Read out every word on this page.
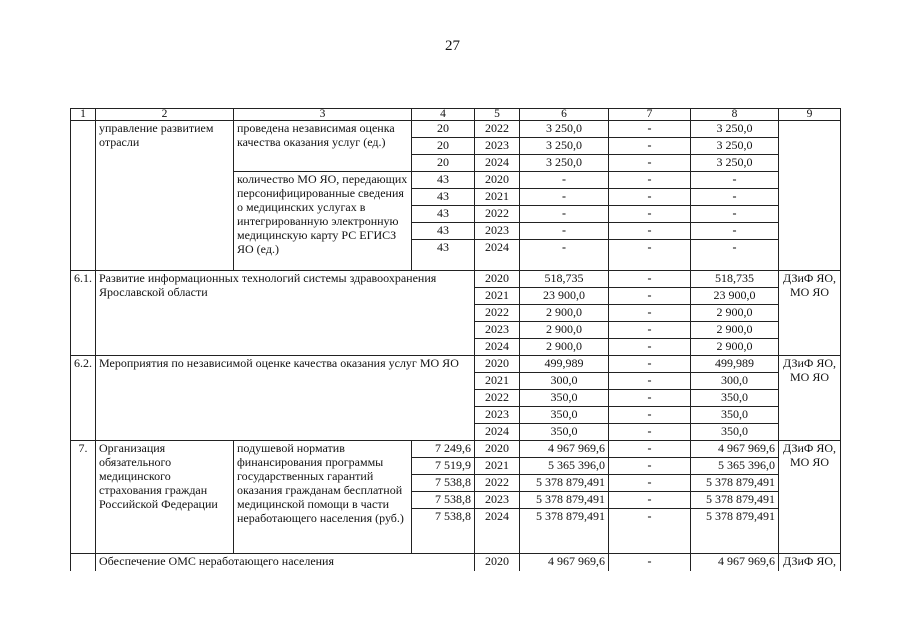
27
1	2	3	4	5	6	7	8	9
	управление развитием отрасли	проведена независимая оценка качества оказания услуг (ед.)	20	2022	3 250,0	-	3 250,0	
			20	2023	3 250,0	-	3 250,0	
			20	2024	3 250,0	-	3 250,0	
		количество МО ЯО, передающих персонифицированные сведения о медицинских услугах в интегрированную электронную медицинскую карту РС ЕГИСЗ ЯО (ед.)	43	2020	-	-	-	
			43	2021	-	-	-	
			43	2022	-	-	-	
			43	2023	-	-	-	
			43	2024	-	-	-	
6.1.	Развитие информационных технологий системы здравоохранения Ярославской области			2020	518,735	-	518,735	ДЗиФ ЯО, МО ЯО
				2021	23 900,0	-	23 900,0	
				2022	2 900,0	-	2 900,0	
				2023	2 900,0	-	2 900,0	
				2024	2 900,0	-	2 900,0	
6.2.	Мероприятия по независимой оценке качества оказания услуг МО ЯО			2020	499,989	-	499,989	ДЗиФ ЯО, МО ЯО
				2021	300,0	-	300,0	
				2022	350,0	-	350,0	
				2023	350,0	-	350,0	
				2024	350,0	-	350,0	
7.	Организация обязательного медицинского страхования граждан Российской Федерации	подушевой норматив финансирования программы государственных гарантий оказания гражданам бесплатной медицинской помощи в части неработающего населения (руб.)	7 249,6	2020	4 967 969,6	-	4 967 969,6	ДЗиФ ЯО, МО ЯО
			7 519,9	2021	5 365 396,0	-	5 365 396,0	
			7 538,8	2022	5 378 879,491	-	5 378 879,491	
			7 538,8	2023	5 378 879,491	-	5 378 879,491	
			7 538,8	2024	5 378 879,491	-	5 378 879,491	
	Обеспечение ОМС неработающего населения			2020	4 967 969,6	-	4 967 969,6	ДЗиФ ЯО,
